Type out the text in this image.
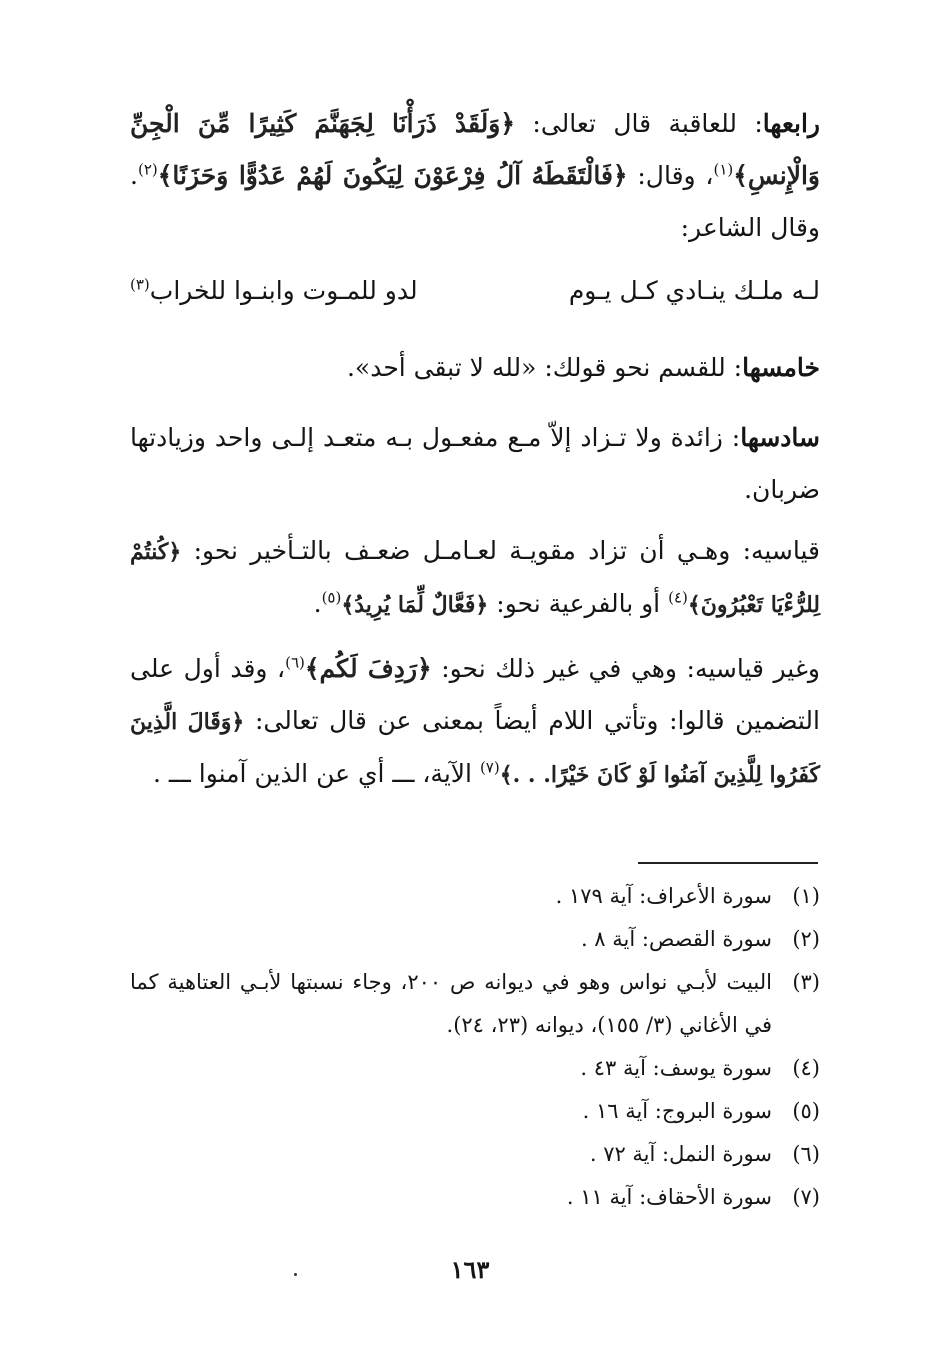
رابعها: للعاقبة قال تعالى: ﴿وَلَقَدْ ذَرَأْنَا لِجَهَنَّمَ كَثِيرًا مِّنَ الْجِنِّ وَالْإِنسِ﴾$^{(١)}$، وقال: ﴿فَالْتَقَطَهُ آلُ فِرْعَوْنَ لِيَكُونَ لَهُمْ عَدُوًّا وَحَزَنًا﴾$^{(٢)}$. وقال الشاعر:
لـه ملـك ينـادي كـل يـوم
لدو للمـوت وابنـوا للخراب$^{(٣)}$
خامسها: للقسم نحو قولك: «لله لا تبقى أحد».
سادسها: زائدة ولا تـزاد إلاّ مـع مفعـول بـه متعـد إلـى واحد وزيادتها ضربان.
قياسيه: وهـي أن تزاد مقويـة لعـامـل ضعـف بالتـأخير نحو: ﴿كُنتُمْ لِلرُّءْيَا تَعْبُرُونَ﴾$^{(٤)}$ أو بالفرعية نحو: ﴿فَعَّالٌ لِّمَا يُرِيدُ﴾$^{(٥)}$.
وغير قياسيه: وهي في غير ذلك نحو: ﴿رَدِفَ لَكُم﴾$^{(٦)}$، وقد أول على التضمين قالوا: وتأتي اللام أيضاً بمعنى عن قال تعالى: ﴿وَقَالَ الَّذِينَ كَفَرُوا لِلَّذِينَ آمَنُوا لَوْ كَانَ خَيْرًا. . .﴾$^{(٧)}$ الآية، ـــ أي عن الذين آمنوا ـــ .
(١)
سورة الأعراف: آية ١٧٩ .
(٢)
سورة القصص: آية ٨ .
(٣)
البيت لأبـي نواس وهو في ديوانه ص ٢٠٠، وجاء نسبتها لأبـي العتاهية كما في الأغاني (٣/ ١٥٥)، ديوانه (٢٣، ٢٤).
(٤)
سورة يوسف: آية ٤٣ .
(٥)
سورة البروج: آية ١٦ .
(٦)
سورة النمل: آية ٧٢ .
(٧)
سورة الأحقاف: آية ١١ .
١٦٣
